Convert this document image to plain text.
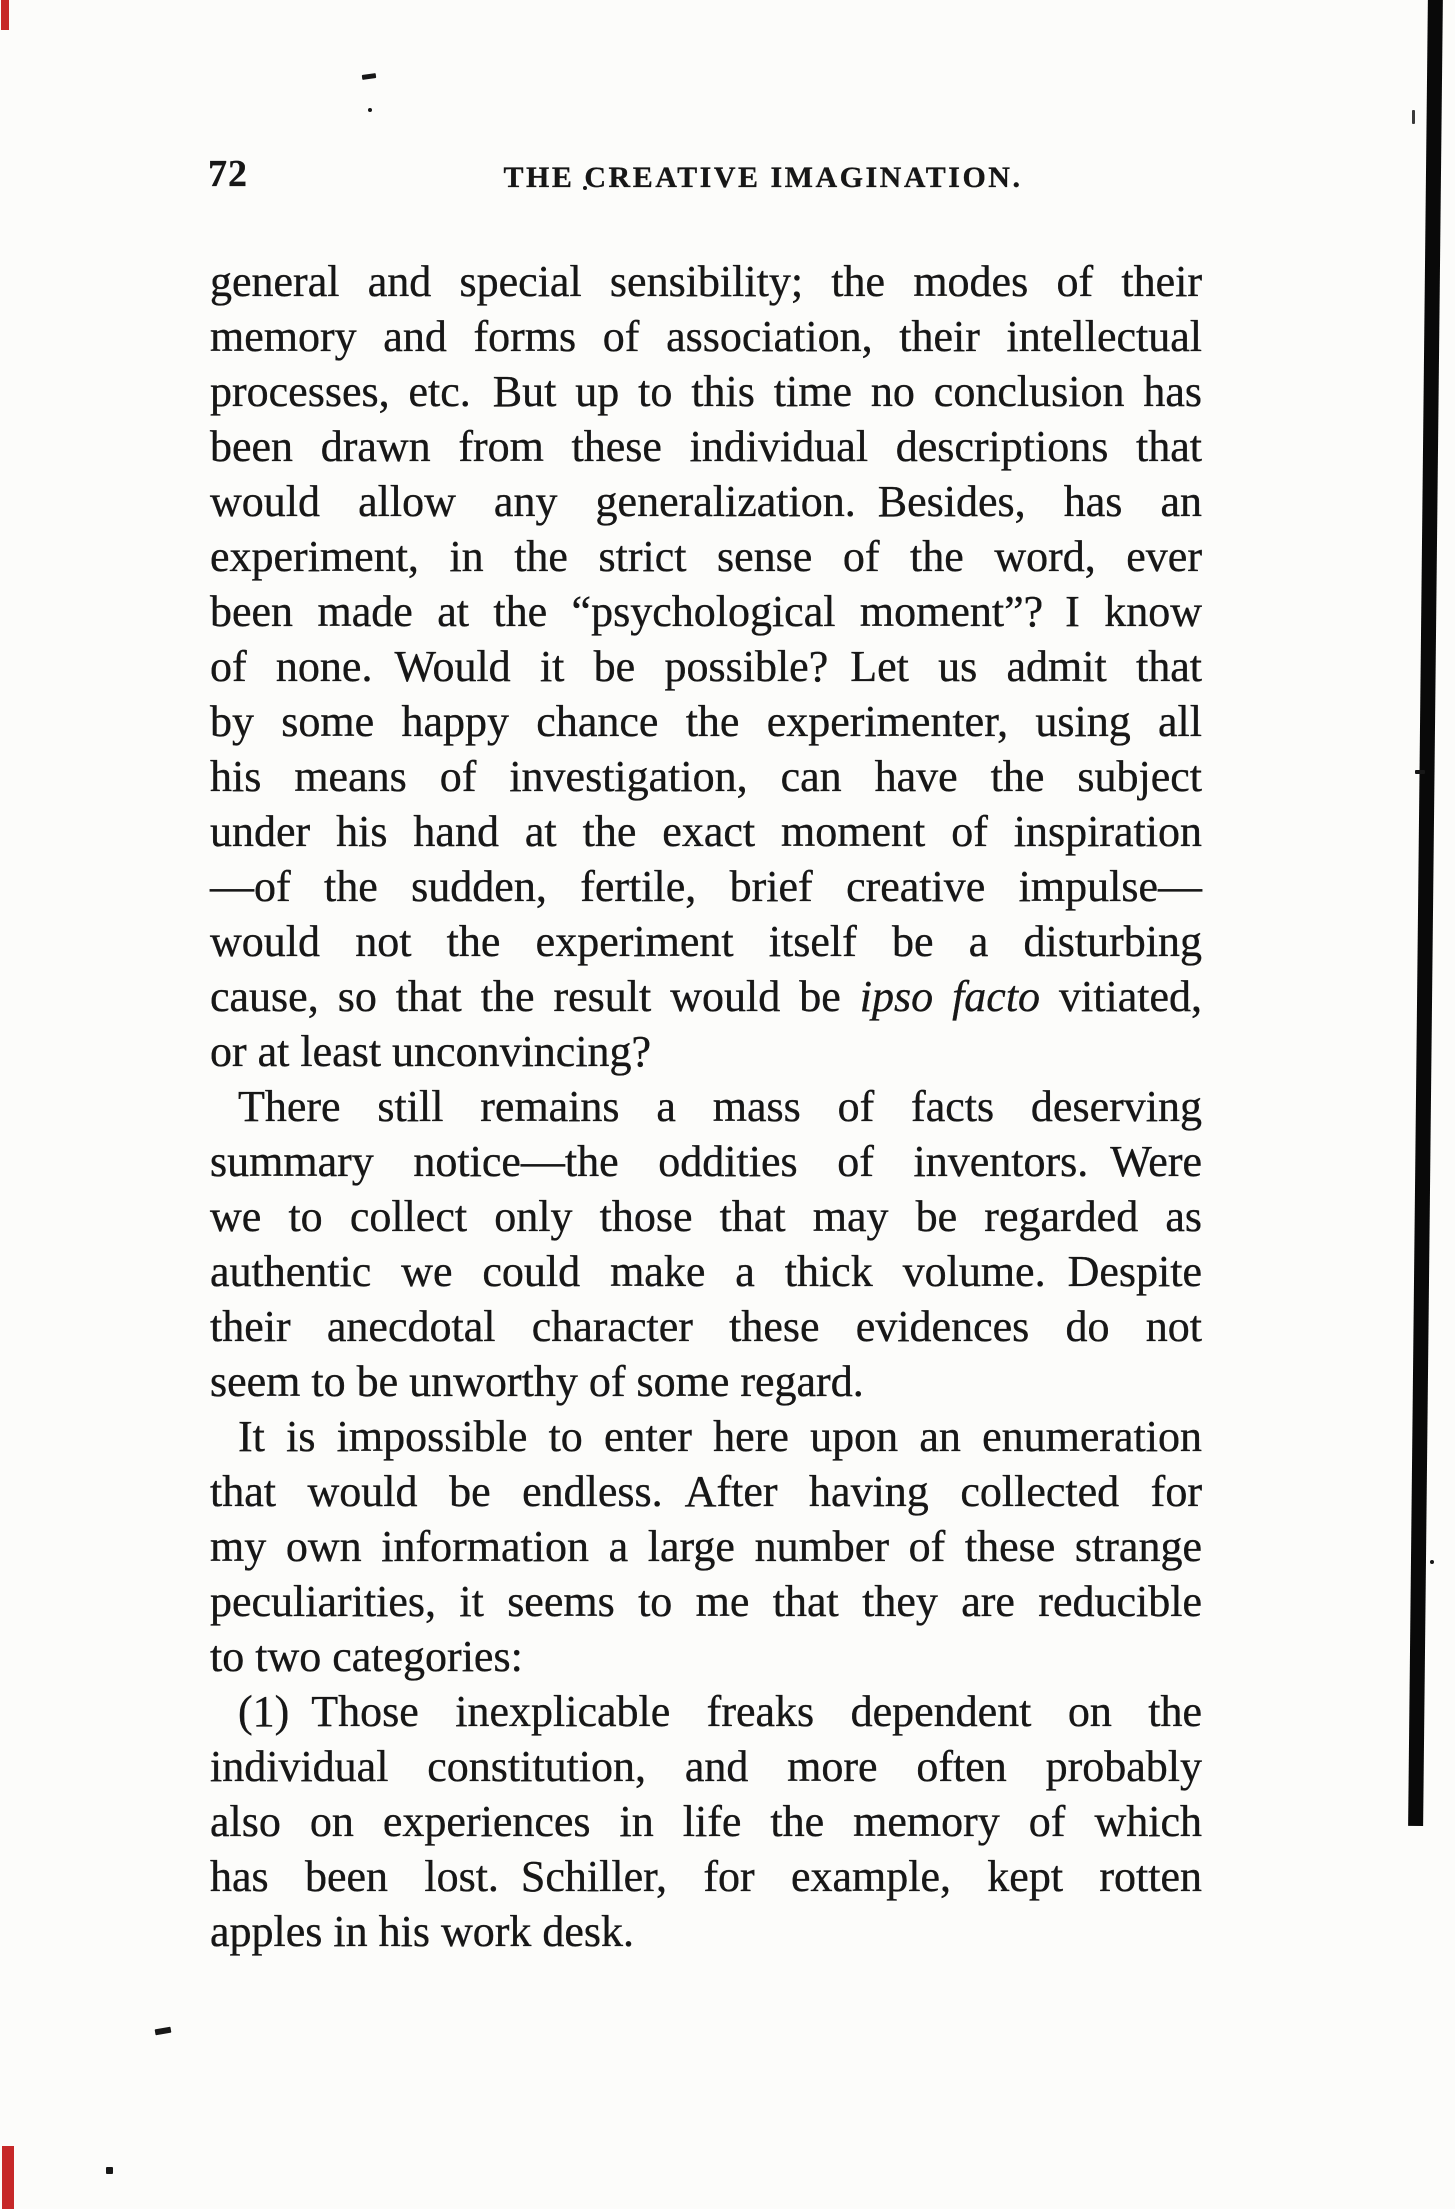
72	THE CREATIVE IMAGINATION.
general and special sensibility; the modes of their
memory and forms of association, their intellectual
processes, etc. But up to this time no conclusion has
been drawn from these individual descriptions that
would allow any generalization. Besides, has an
experiment, in the strict sense of the word, ever
been made at the “psychological moment”? I know
of none. Would it be possible? Let us admit that
by some happy chance the experimenter, using all
his means of investigation, can have the subject
under his hand at the exact moment of inspiration
—of the sudden, fertile, brief creative impulse—
would not the experiment itself be a disturbing
cause, so that the result would be ipso facto vitiated,
or at least unconvincing?
There still remains a mass of facts deserving
summary notice—the oddities of inventors. Were
we to collect only those that may be regarded as
authentic we could make a thick volume. Despite
their anecdotal character these evidences do not
seem to be unworthy of some regard.
It is impossible to enter here upon an enumeration
that would be endless. After having collected for
my own information a large number of these strange
peculiarities, it seems to me that they are reducible
to two categories:
(1) Those inexplicable freaks dependent on the
individual constitution, and more often probably
also on experiences in life the memory of which
has been lost. Schiller, for example, kept rotten
apples in his work desk.
